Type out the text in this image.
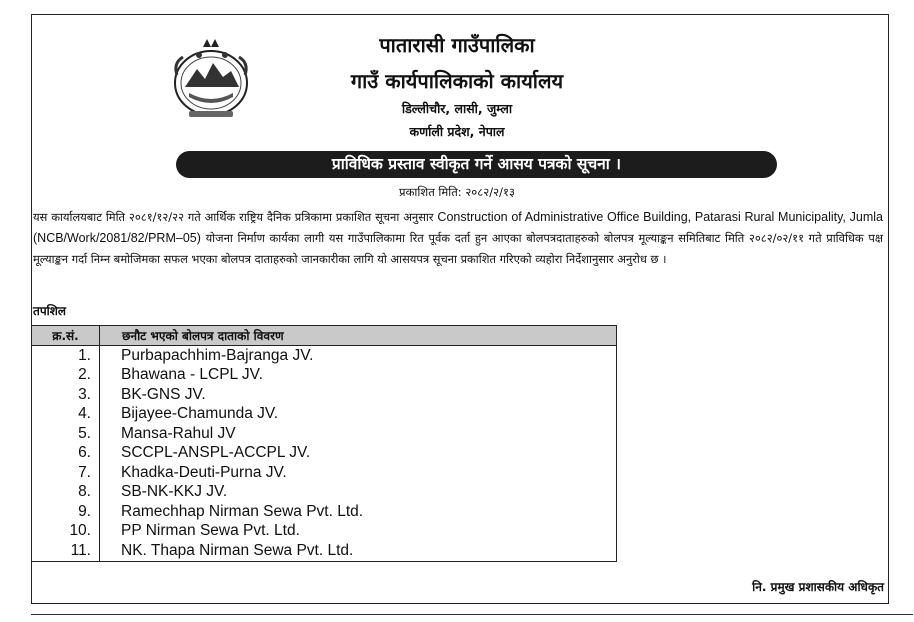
पातारासी गाउँपालिका
गाउँ कार्यपालिकाको कार्यालय
डिल्लीचौर, लासी, जुम्ला
कर्णाली प्रदेश, नेपाल
प्राविधिक प्रस्ताव स्वीकृत गर्ने आसय पत्रको सूचना ।
प्रकाशित मिति: २०८२/२/१३

यस कार्यालयबाट मिति २०८१/१२/२२ गते आर्थिक राष्ट्रिय दैनिक प्रत्रिकामा प्रकाशित सूचना अनुसार Construction of Administrative Office Building, Patarasi Rural Municipality, Jumla (NCB/Work/2081/82/PRM–05) योजना निर्माण कार्यका लागी यस गाउँपालिकामा रित पूर्वक दर्ता हुन आएका बोलपत्रदाताहरुको बोलपत्र मूल्याङ्कन समितिबाट मिति २०८२/०२/११ गते प्राविधिक पक्ष मूल्याङ्कन गर्दा निम्न बमोजिमका सफल भएका बोलपत्र दाताहरुको जानकारीका लागि यो आसयपत्र सूचना प्रकाशित गरिएको व्यहोरा निर्देशानुसार अनुरोध छ ।

तपशिल
क्र.सं.	छनौट भएको बोलपत्र दाताको विवरण
1.	Purbapachhim-Bajranga JV.
2.	Bhawana - LCPL JV.
3.	BK-GNS JV.
4.	Bijayee-Chamunda JV.
5.	Mansa-Rahul JV
6.	SCCPL-ANSPL-ACCPL JV.
7.	Khadka-Deuti-Purna JV.
8.	SB-NK-KKJ JV.
9.	Ramechhap Nirman Sewa Pvt. Ltd.
10.	PP Nirman Sewa Pvt. Ltd.
11.	NK. Thapa Nirman Sewa Pvt. Ltd.
नि. प्रमुख प्रशासकीय अधिकृत
